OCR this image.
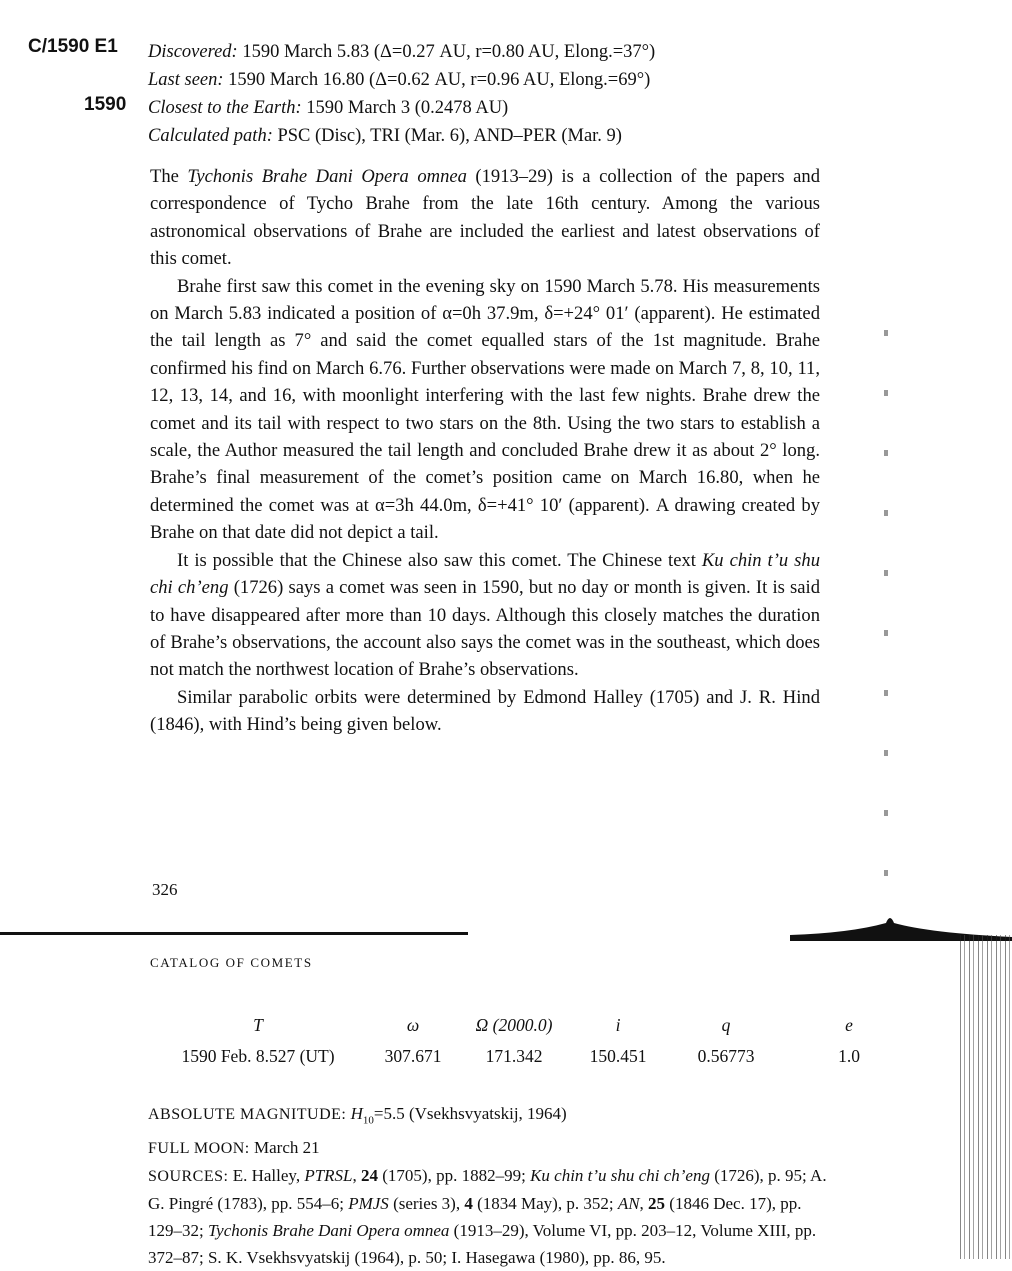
C/1590 E1
1590
Discovered: 1590 March 5.83 (Δ=0.27 AU, r=0.80 AU, Elong.=37°)
Last seen: 1590 March 16.80 (Δ=0.62 AU, r=0.96 AU, Elong.=69°)
Closest to the Earth: 1590 March 3 (0.2478 AU)
Calculated path: PSC (Disc), TRI (Mar. 6), AND–PER (Mar. 9)

The Tychonis Brahe Dani Opera omnea (1913–29) is a collection of the papers and correspondence of Tycho Brahe from the late 16th century. Among the various astronomical observations of Brahe are included the earliest and latest observations of this comet.

Brahe first saw this comet in the evening sky on 1590 March 5.78. His measurements on March 5.83 indicated a position of α=0h 37.9m, δ=+24° 01′ (apparent). He estimated the tail length as 7° and said the comet equalled stars of the 1st magnitude. Brahe confirmed his find on March 6.76. Further observations were made on March 7, 8, 10, 11, 12, 13, 14, and 16, with moonlight interfering with the last few nights. Brahe drew the comet and its tail with respect to two stars on the 8th. Using the two stars to establish a scale, the Author measured the tail length and concluded Brahe drew it as about 2° long. Brahe’s final measurement of the comet’s position came on March 16.80, when he determined the comet was at α=3h 44.0m, δ=+41° 10′ (apparent). A drawing created by Brahe on that date did not depict a tail.

It is possible that the Chinese also saw this comet. The Chinese text Ku chin t’u shu chi ch’eng (1726) says a comet was seen in 1590, but no day or month is given. It is said to have disappeared after more than 10 days. Although this closely matches the duration of Brahe’s observations, the account also says the comet was in the southeast, which does not match the northwest location of Brahe’s observations.

Similar parabolic orbits were determined by Edmond Halley (1705) and J. R. Hind (1846), with Hind’s being given below.

326
CATALOG OF COMETS
T	ω	Ω (2000.0)	i	q	e
1590 Feb. 8.527 (UT)	307.671	171.342	150.451	0.56773	1.0
ABSOLUTE MAGNITUDE: $H_{10}=5.5$ (Vsekhsvyatskij, 1964)
FULL MOON: March 21
SOURCES: E. Halley, PTRSL, 24 (1705), pp. 1882–99; Ku chin t’u shu chi ch’eng (1726), p. 95; A. G. Pingré (1783), pp. 554–6; PMJS (series 3), 4 (1834 May), p. 352; AN, 25 (1846 Dec. 17), pp. 129–32; Tychonis Brahe Dani Opera omnea (1913–29), Volume VI, pp. 203–12, Volume XIII, pp. 372–87; S. K. Vsekhsvyatskij (1964), p. 50; I. Hasegawa (1980), pp. 86, 95.
